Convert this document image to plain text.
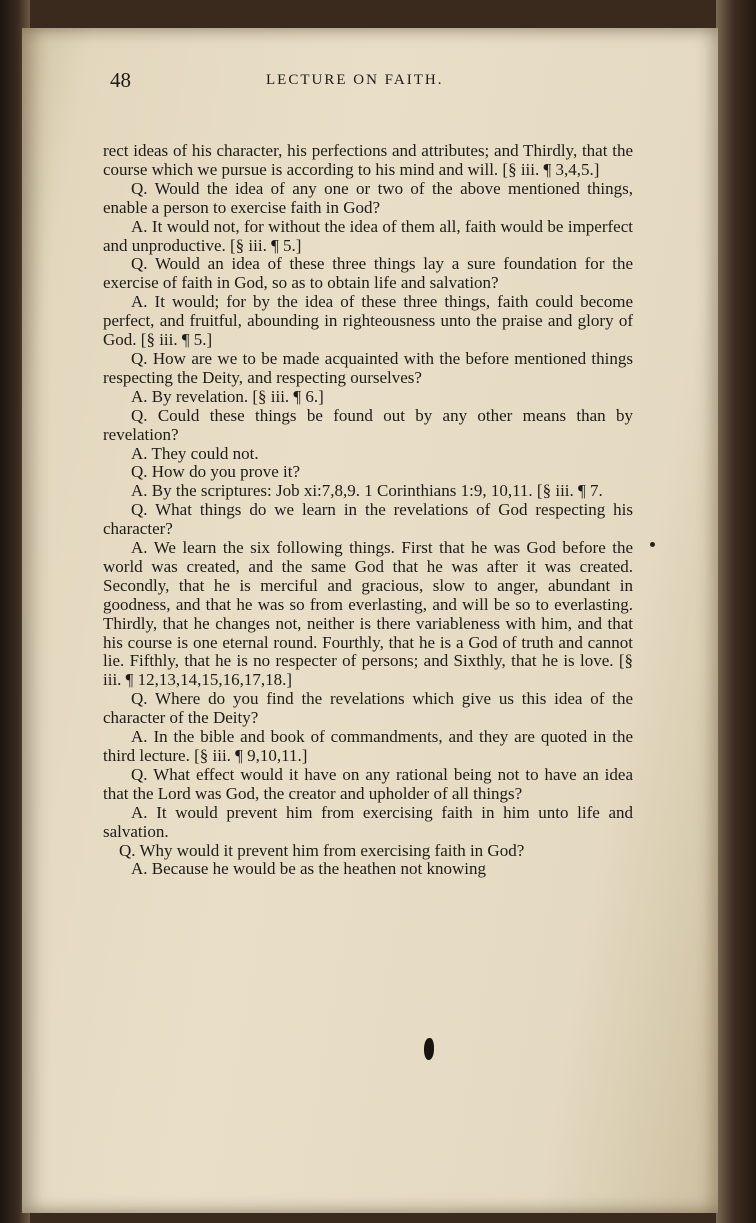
48	LECTURE ON FAITH.

rect ideas of his character, his perfections and attributes; and Thirdly, that the course which we pursue is according to his mind and will. [§ iii. ¶ 3,4,5.]

Q. Would the idea of any one or two of the above mentioned things, enable a person to exercise faith in God?

A. It would not, for without the idea of them all, faith would be imperfect and unproductive. [§ iii. ¶ 5.]

Q. Would an idea of these three things lay a sure foundation for the exercise of faith in God, so as to obtain life and salvation?

A. It would; for by the idea of these three things, faith could become perfect, and fruitful, abounding in righteousness unto the praise and glory of God. [§ iii. ¶ 5.]

Q. How are we to be made acquainted with the before mentioned things respecting the Deity, and respecting ourselves?

A. By revelation. [§ iii. ¶ 6.]

Q. Could these things be found out by any other means than by revelation?

A. They could not.

Q. How do you prove it?

A. By the scriptures: Job xi:7,8,9. 1 Corinthians 1:9, 10,11. [§ iii. ¶ 7.

Q. What things do we learn in the revelations of God respecting his character?

A. We learn the six following things. First that he was God before the world was created, and the same God that he was after it was created. Secondly, that he is merciful and gracious, slow to anger, abundant in goodness, and that he was so from everlasting, and will be so to everlasting. Thirdly, that he changes not, neither is there variableness with him, and that his course is one eternal round. Fourthly, that he is a God of truth and cannot lie. Fifthly, that he is no respecter of persons; and Sixthly, that he is love. [§ iii. ¶ 12,13,14,15,16,17,18.]

Q. Where do you find the revelations which give us this idea of the character of the Deity?

A. In the bible and book of commandments, and they are quoted in the third lecture. [§ iii. ¶ 9,10,11.]

Q. What effect would it have on any rational being not to have an idea that the Lord was God, the creator and upholder of all things?

A. It would prevent him from exercising faith in him unto life and salvation.

Q. Why would it prevent him from exercising faith in God?

A. Because he would be as the heathen not knowing
